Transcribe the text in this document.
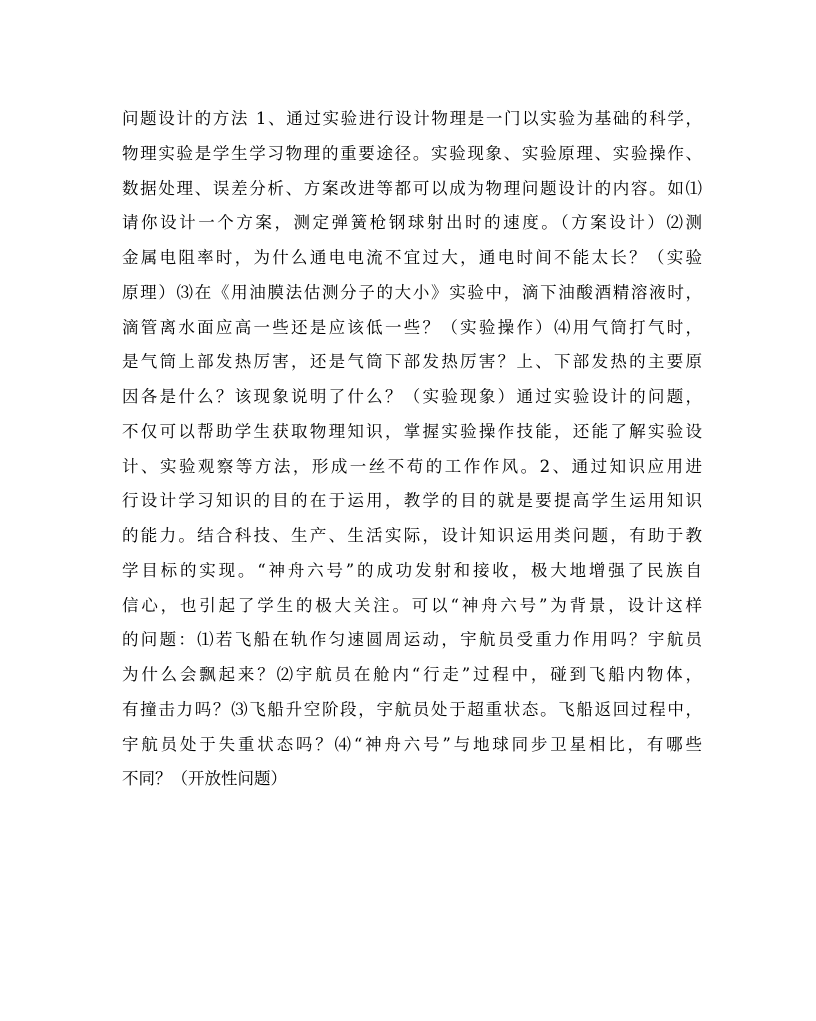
问题设计的方法 1、通过实验进行设计物理是一门以实验为基础的科学，
物理实验是学生学习物理的重要途径。实验现象、实验原理、实验操作、
数据处理、误差分析、方案改进等都可以成为物理问题设计的内容。如⑴
请你设计一个方案，测定弹簧枪钢球射出时的速度。（方案设计）⑵测
金属电阻率时，为什么通电电流不宜过大，通电时间不能太长？（实验
原理）⑶在《用油膜法估测分子的大小》实验中，滴下油酸酒精溶液时，
滴管离水面应高一些还是应该低一些？（实验操作）⑷用气筒打气时，
是气筒上部发热厉害，还是气筒下部发热厉害？上、下部发热的主要原
因各是什么？该现象说明了什么？（实验现象）通过实验设计的问题，
不仅可以帮助学生获取物理知识，掌握实验操作技能，还能了解实验设
计、实验观察等方法，形成一丝不苟的工作作风。2、通过知识应用进
行设计学习知识的目的在于运用，教学的目的就是要提高学生运用知识
的能力。结合科技、生产、生活实际，设计知识运用类问题，有助于教
学目标的实现。“神舟六号”的成功发射和接收，极大地增强了民族自
信心，也引起了学生的极大关注。可以“神舟六号”为背景，设计这样
的问题：⑴若飞船在轨作匀速圆周运动，宇航员受重力作用吗？宇航员
为什么会飘起来？⑵宇航员在舱内“行走”过程中，碰到飞船内物体，
有撞击力吗？⑶飞船升空阶段，宇航员处于超重状态。飞船返回过程中，
宇航员处于失重状态吗？⑷“神舟六号”与地球同步卫星相比，有哪些
不同？（开放性问题）
